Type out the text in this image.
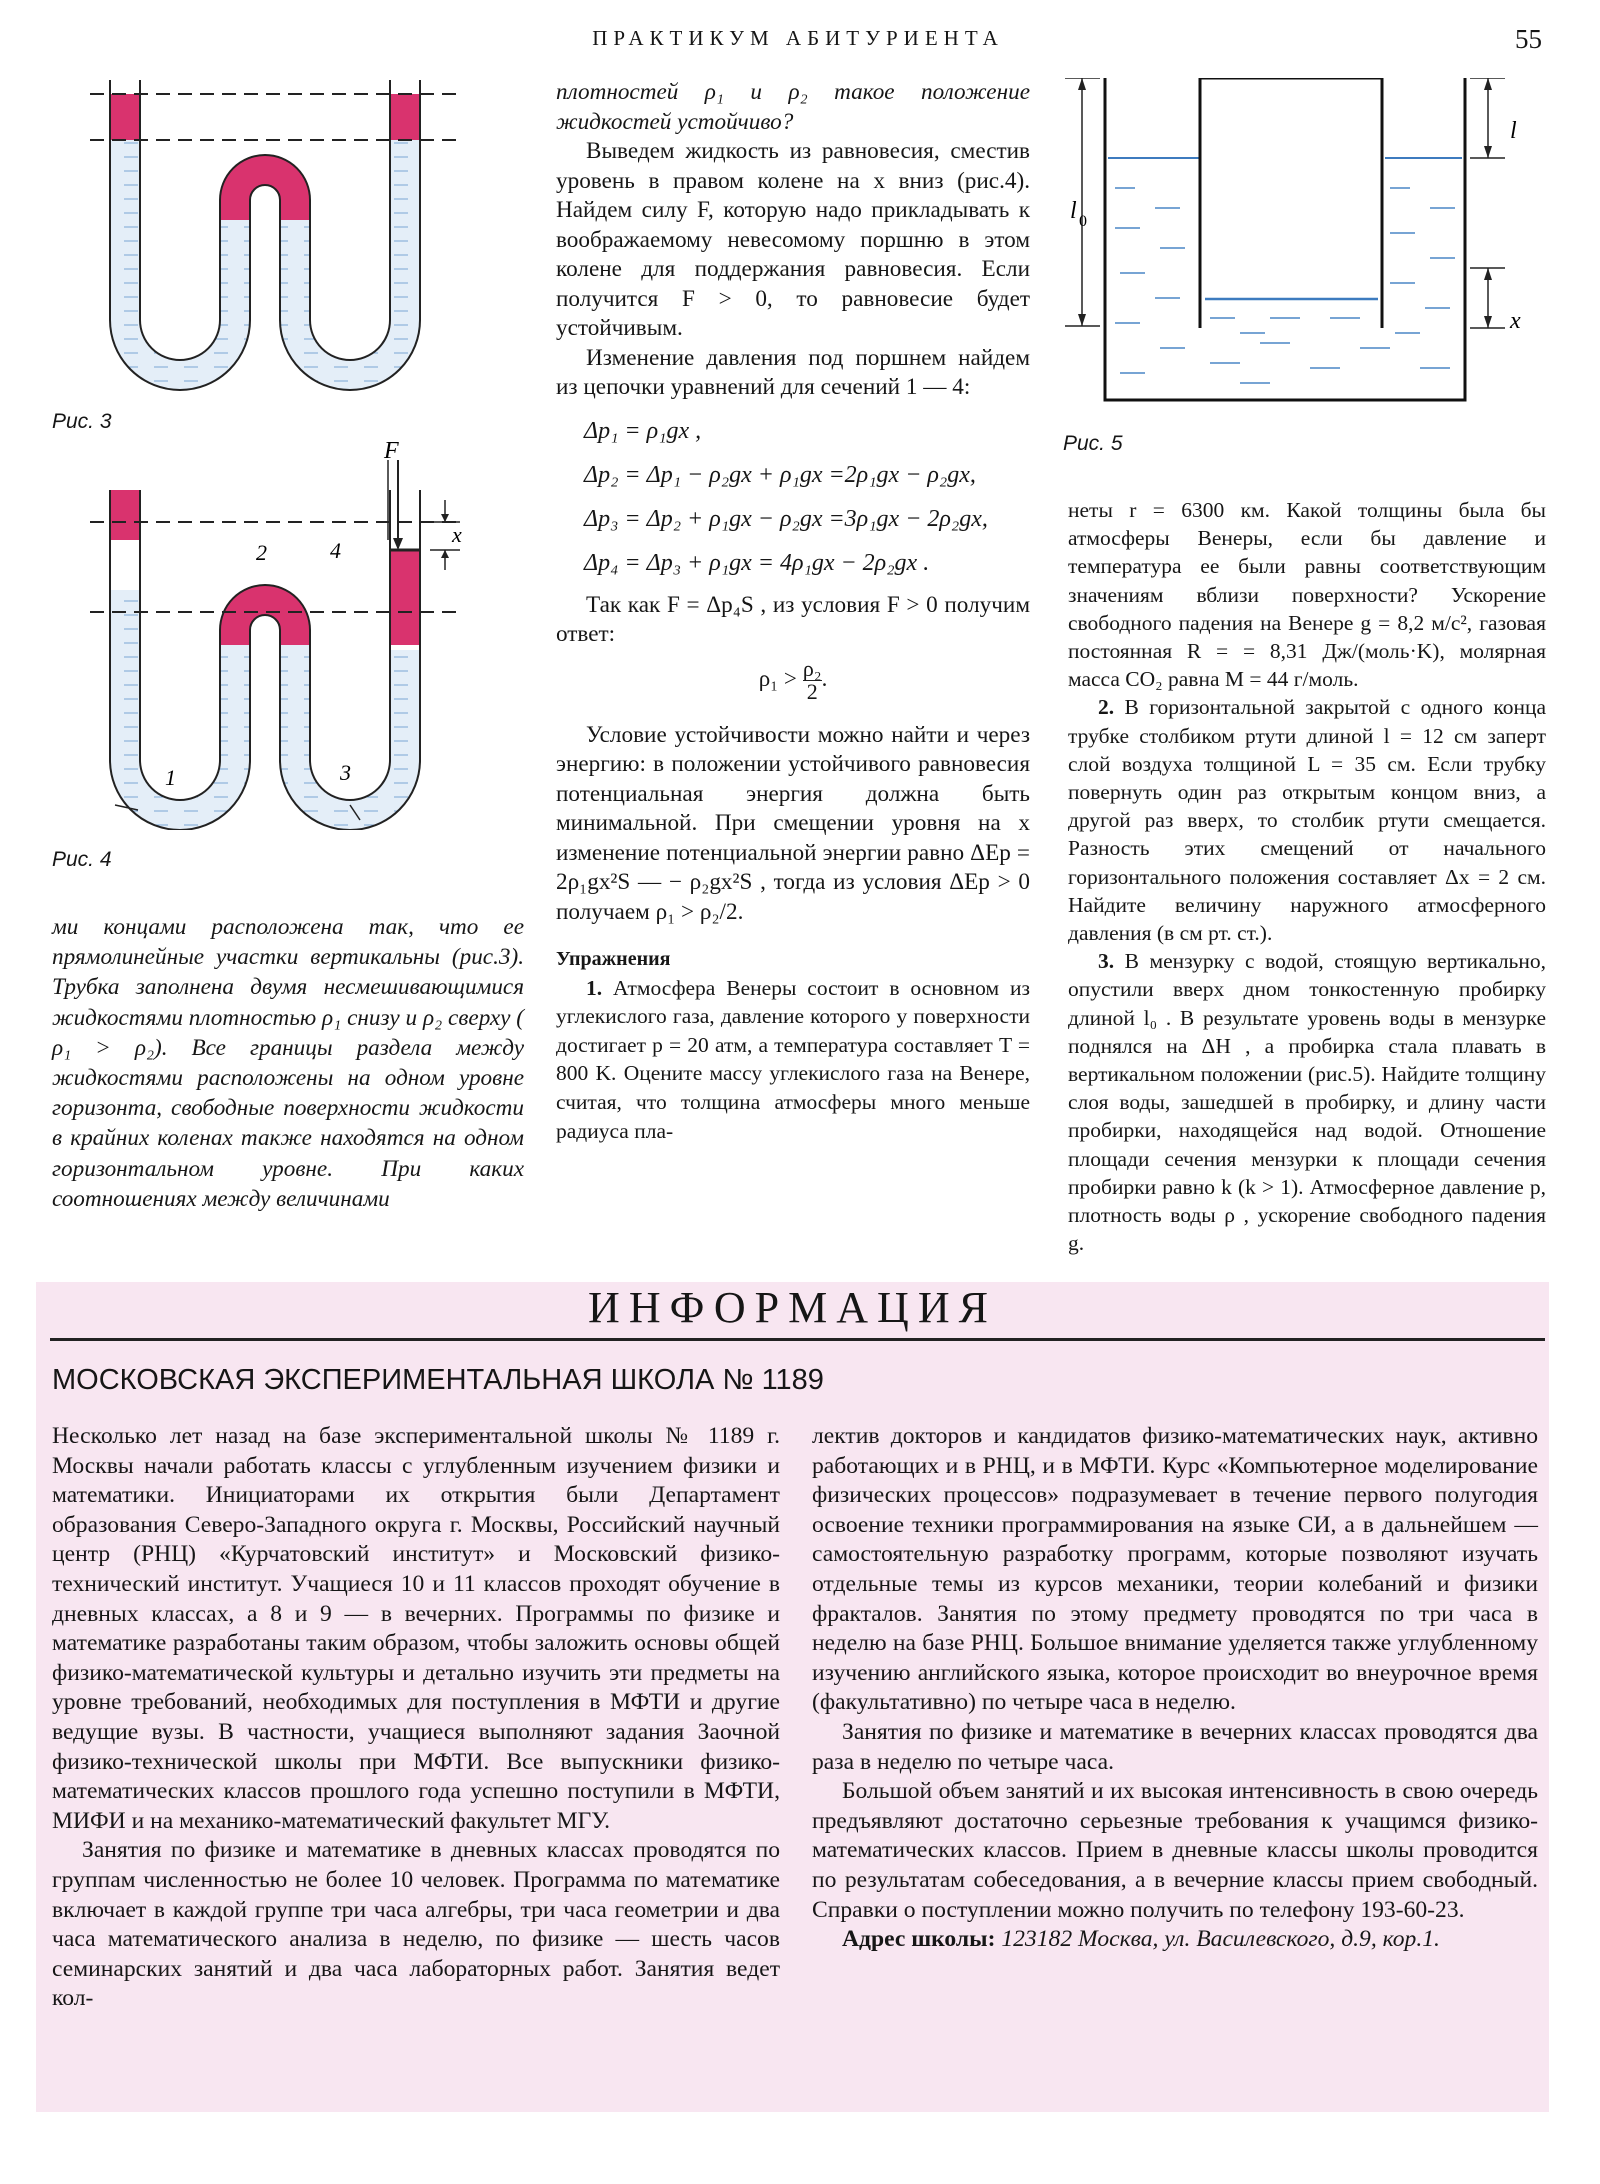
ПРАКТИКУМ АБИТУРИЕНТА	55
Рис. 3
F
x
1
2
3
4
Рис. 4
ми концами расположена так, что ее прямолинейные участки вертикальны (рис.3). Трубка заполнена двумя несмешивающимися жидкостями плотностью ρ₁ снизу и ρ₂ сверху ( ρ₁ > ρ₂). Все границы раздела между жидкостями расположены на одном уровне горизонта, свободные поверхности жидкости в крайних коленах также находятся на одном горизонтальном уровне. При каких соотношениях между величинами

плотностей ρ₁ и ρ₂ такое положение жидкостей устойчиво?

Выведем жидкость из равновесия, сместив уровень в правом колене на x вниз (рис.4). Найдем силу F, которую надо прикладывать к воображаемому невесомому поршню в этом колене для поддержания равновесия. Если получится F > 0, то равновесие будет устойчивым.

Изменение давления под поршнем найдем из цепочки уравнений для сечений 1 — 4:

Δp₁ = ρ₁gx ,
Δp₂ = Δp₁ − ρ₂gx + ρ₁gx =2ρ₁gx − ρ₂gx,
Δp₃ = Δp₂ + ρ₁gx − ρ₂gx =3ρ₁gx − 2ρ₂gx,
Δp₄ = Δp₃ + ρ₁gx = 4ρ₁gx − 2ρ₂gx .

Так как F = Δp₄S , из условия F > 0 получим ответ:

$\rho_1 > \frac{\text{ρ₂}}{2}$ .

Условие устойчивости можно найти и через энергию: в положении устойчивого равновесия потенциальная энергия должна быть минимальной. При смещении уровня на x изменение потенциальной энергии равно ΔEp = 2ρ₁gx²S — − ρ₂gx²S , тогда из условия ΔEp > 0 получаем ρ₁ > ρ₂/2.

Упражнения

1. Атмосфера Венеры состоит в основном из углекислого газа, давление которого у поверхности достигает p = 20 атм, а температура составляет T = 800 K. Оцените массу углекислого газа на Венере, считая, что толщина атмосферы много меньше радиуса пла-

l 0
l
x
Рис. 5

неты r = 6300 км. Какой толщины была бы атмосферы Венеры, если бы давление и температура ее были равны соответствующим значениям вблизи поверхности? Ускорение свободного падения на Венере g = 8,2 м/c², газовая постоянная R = = 8,31 Дж/(моль·K), молярная масса CO₂ равна M = 44 г/моль.

2. В горизонтальной закрытой с одного конца трубке столбиком ртути длиной l = 12 см заперт слой воздуха толщиной L = 35 см. Если трубку повернуть один раз открытым концом вниз, а другой раз вверх, то столбик ртути смещается. Разность этих смещений от начального горизонтального положения составляет Δx = 2 см. Найдите величину наружного атмосферного давления (в см рт. ст.).

3. В мензурку с водой, стоящую вертикально, опустили вверх дном тонкостенную пробирку длиной l₀ . В результате уровень воды в мензурке поднялся на ΔH , а пробирка стала плавать в вертикальном положении (рис.5). Найдите толщину слоя воды, зашедшей в пробирку, и длину части пробирки, находящейся над водой. Отношение площади сечения мензурки к площади сечения пробирки равно k (k > 1). Атмосферное давление p, плотность воды ρ , ускорение свободного падения g.

ИНФОРМАЦИЯ
МОСКОВСКАЯ ЭКСПЕРИМЕНТАЛЬНАЯ ШКОЛА № 1189

Несколько лет назад на базе экспериментальной школы № 1189 г. Москвы начали работать классы с углубленным изучением физики и математики. Инициаторами их открытия были Департамент образования Северо-Западного округа г. Москвы, Российский научный центр (РНЦ) «Курчатовский институт» и Московский физико-технический институт. Учащиеся 10 и 11 классов проходят обучение в дневных классах, а 8 и 9 — в вечерних. Программы по физике и математике разработаны таким образом, чтобы заложить основы общей физико-математической культуры и детально изучить эти предметы на уровне требований, необходимых для поступления в МФТИ и другие ведущие вузы. В частности, учащиеся выполняют задания Заочной физико-технической школы при МФТИ. Все выпускники физико-математических классов прошлого года успешно поступили в МФТИ, МИФИ и на механико-математический факультет МГУ.

Занятия по физике и математике в дневных классах проводятся по группам численностью не более 10 человек. Программа по математике включает в каждой группе три часа алгебры, три часа геометрии и два часа математического анализа в неделю, по физике — шесть часов семинарских занятий и два часа лабораторных работ. Занятия ведет кол-

лектив докторов и кандидатов физико-математических наук, активно работающих и в РНЦ, и в МФТИ. Курс «Компьютерное моделирование физических процессов» подразумевает в течение первого полугодия освоение техники программирования на языке СИ, а в дальнейшем — самостоятельную разработку программ, которые позволяют изучать отдельные темы из курсов механики, теории колебаний и физики фракталов. Занятия по этому предмету проводятся по три часа в неделю на базе РНЦ. Большое внимание уделяется также углубленному изучению английского языка, которое происходит во внеурочное время (факультативно) по четыре часа в неделю.

Занятия по физике и математике в вечерних классах проводятся два раза в неделю по четыре часа.

Большой объем занятий и их высокая интенсивность в свою очередь предъявляют достаточно серьезные требования к учащимся физико-математических классов. Прием в дневные классы школы проводится по результатам собеседования, а в вечерние классы прием свободный. Справки о поступлении можно получить по телефону 193-60-23.

Адрес школы: 123182 Москва, ул. Василевского, д.9, кор.1.
